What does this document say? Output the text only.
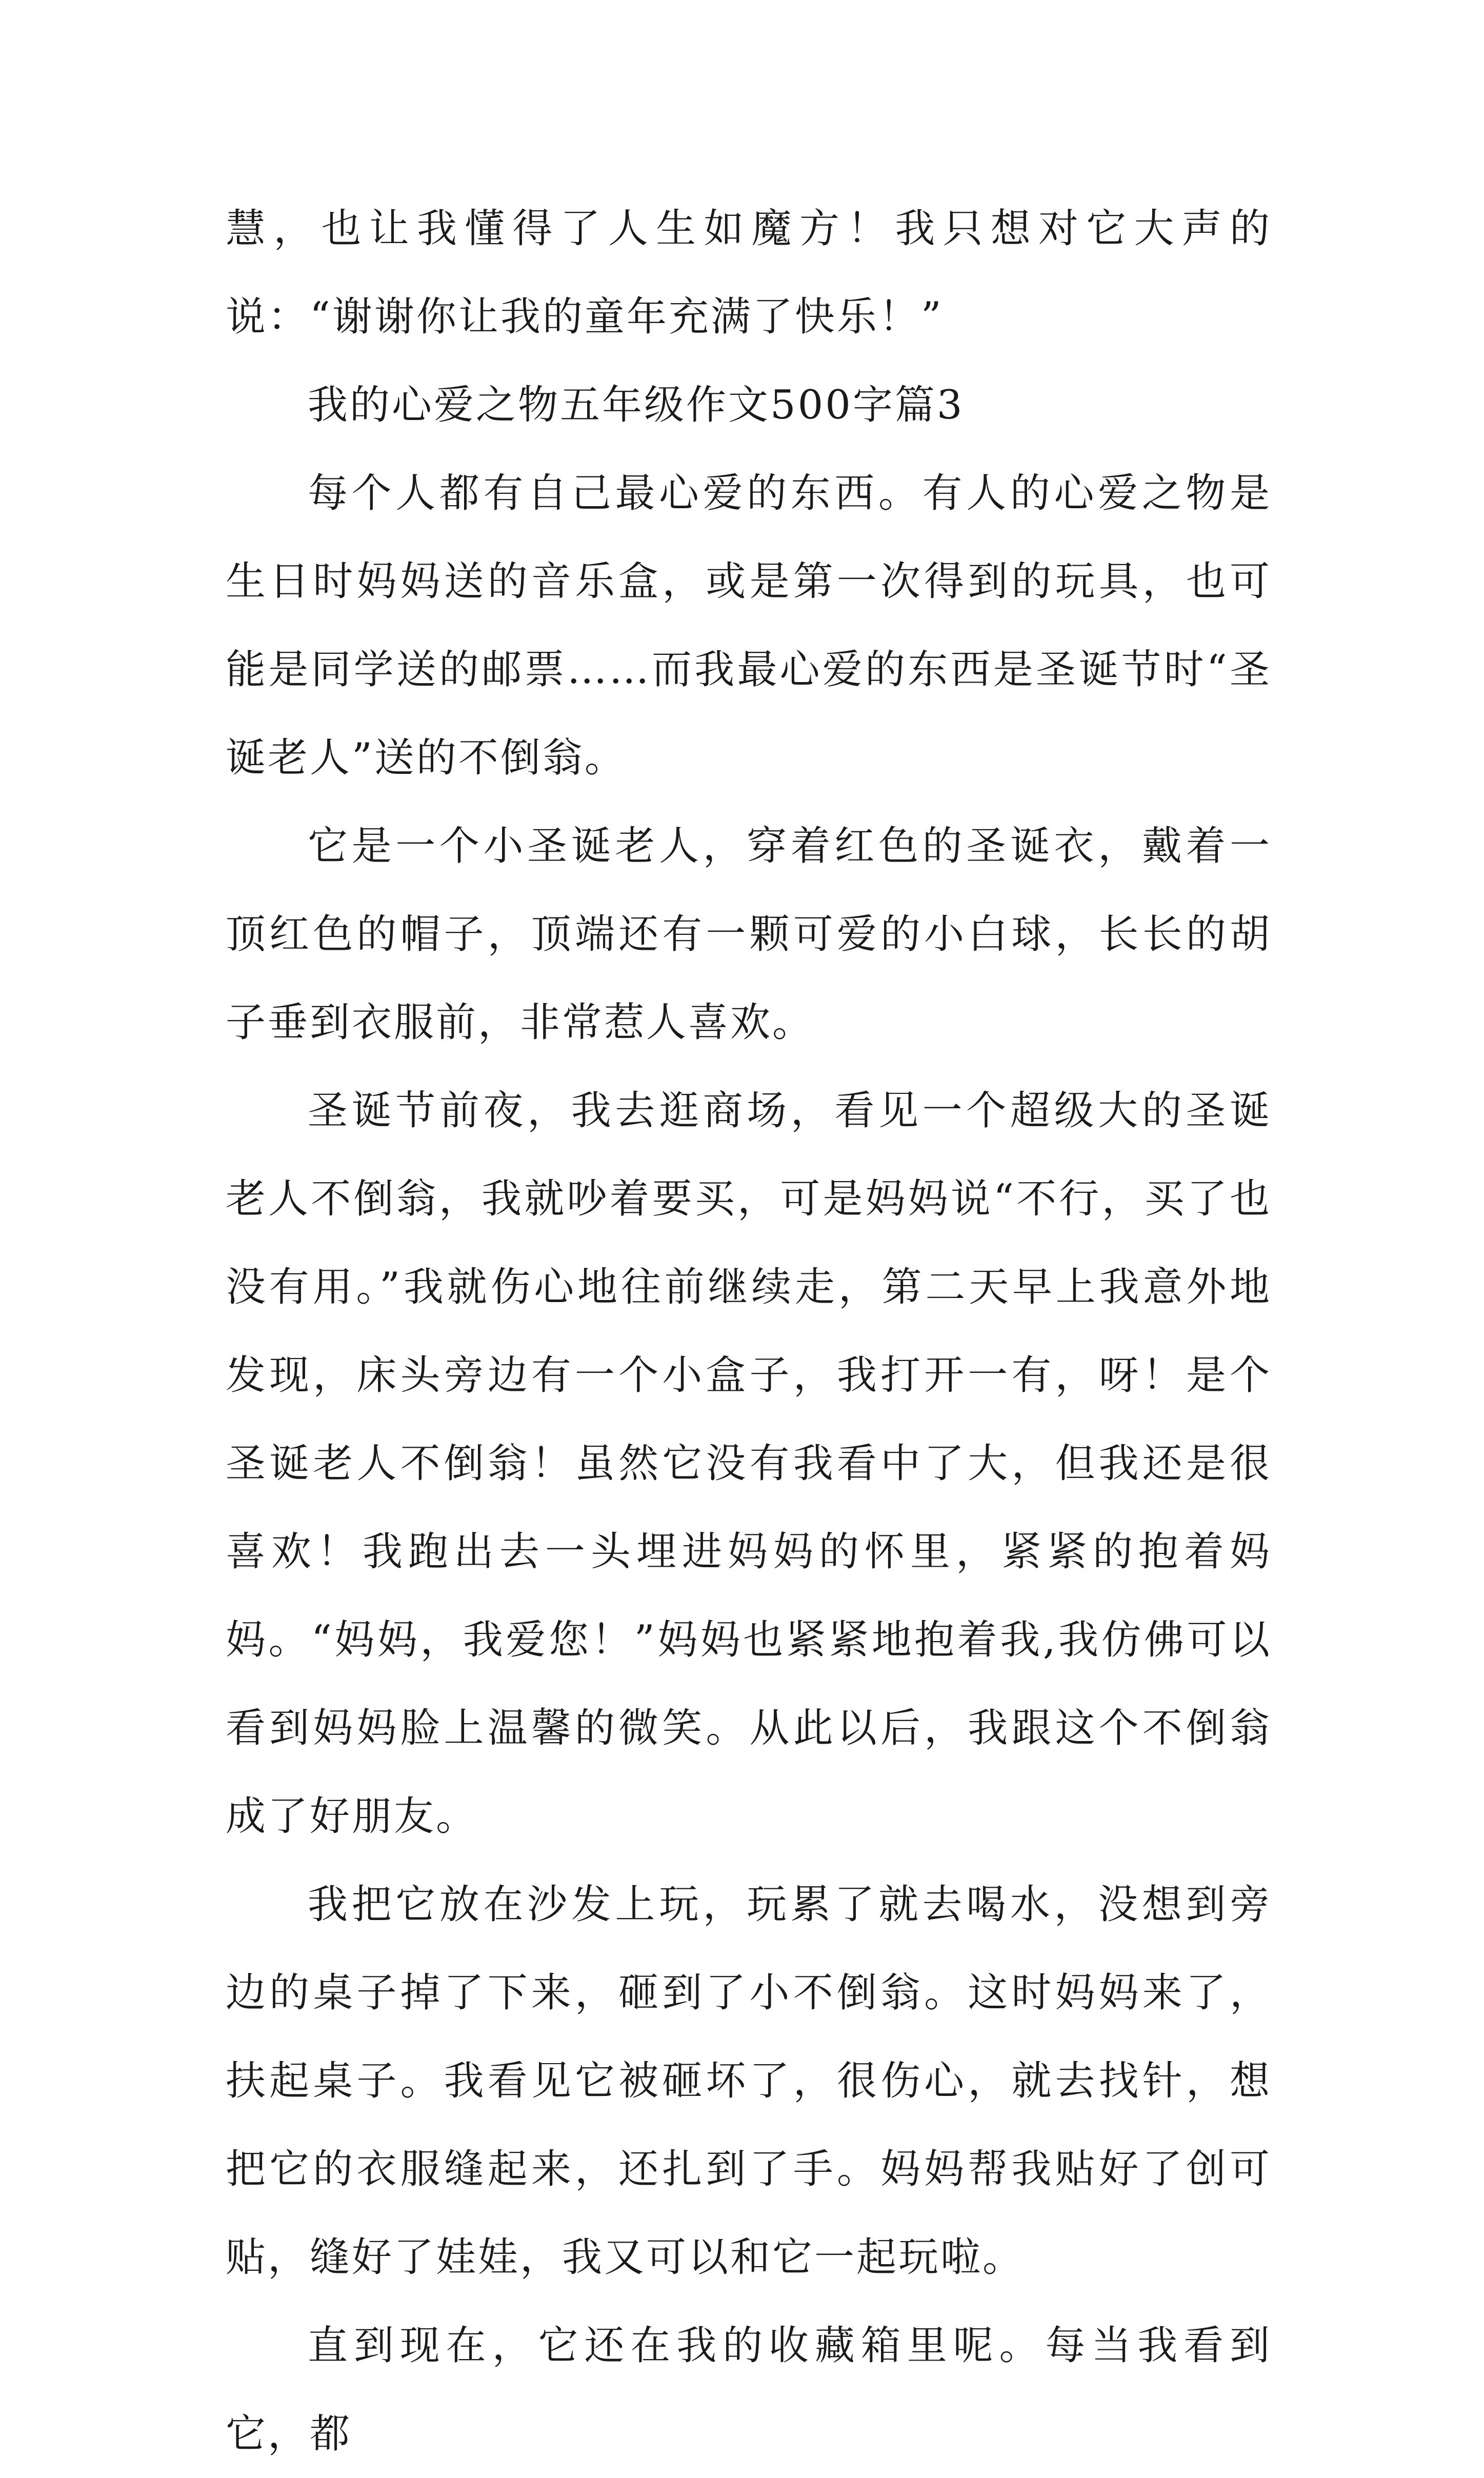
慧，也让我懂得了人生如魔方！我只想对它大声的说：“谢谢你让我的童年充满了快乐！”

我的心爱之物五年级作文500字篇3

每个人都有自己最心爱的东西。有人的心爱之物是生日时妈妈送的音乐盒，或是第一次得到的玩具，也可能是同学送的邮票……而我最心爱的东西是圣诞节时“圣诞老人”送的不倒翁。

它是一个小圣诞老人，穿着红色的圣诞衣，戴着一顶红色的帽子，顶端还有一颗可爱的小白球，长长的胡子垂到衣服前，非常惹人喜欢。

圣诞节前夜，我去逛商场，看见一个超级大的圣诞老人不倒翁，我就吵着要买，可是妈妈说“不行，买了也没有用。”我就伤心地往前继续走，第二天早上我意外地发现，床头旁边有一个小盒子，我打开一有，呀！是个圣诞老人不倒翁！虽然它没有我看中了大，但我还是很喜欢！我跑出去一头埋进妈妈的怀里，紧紧的抱着妈妈。“妈妈，我爱您！”妈妈也紧紧地抱着我,我仿佛可以看到妈妈脸上温馨的微笑。从此以后，我跟这个不倒翁成了好朋友。

我把它放在沙发上玩，玩累了就去喝水，没想到旁边的桌子掉了下来，砸到了小不倒翁。这时妈妈来了，扶起桌子。我看见它被砸坏了，很伤心，就去找针，想把它的衣服缝起来，还扎到了手。妈妈帮我贴好了创可贴，缝好了娃娃，我又可以和它一起玩啦。

直到现在，它还在我的收藏箱里呢。每当我看到它，都
